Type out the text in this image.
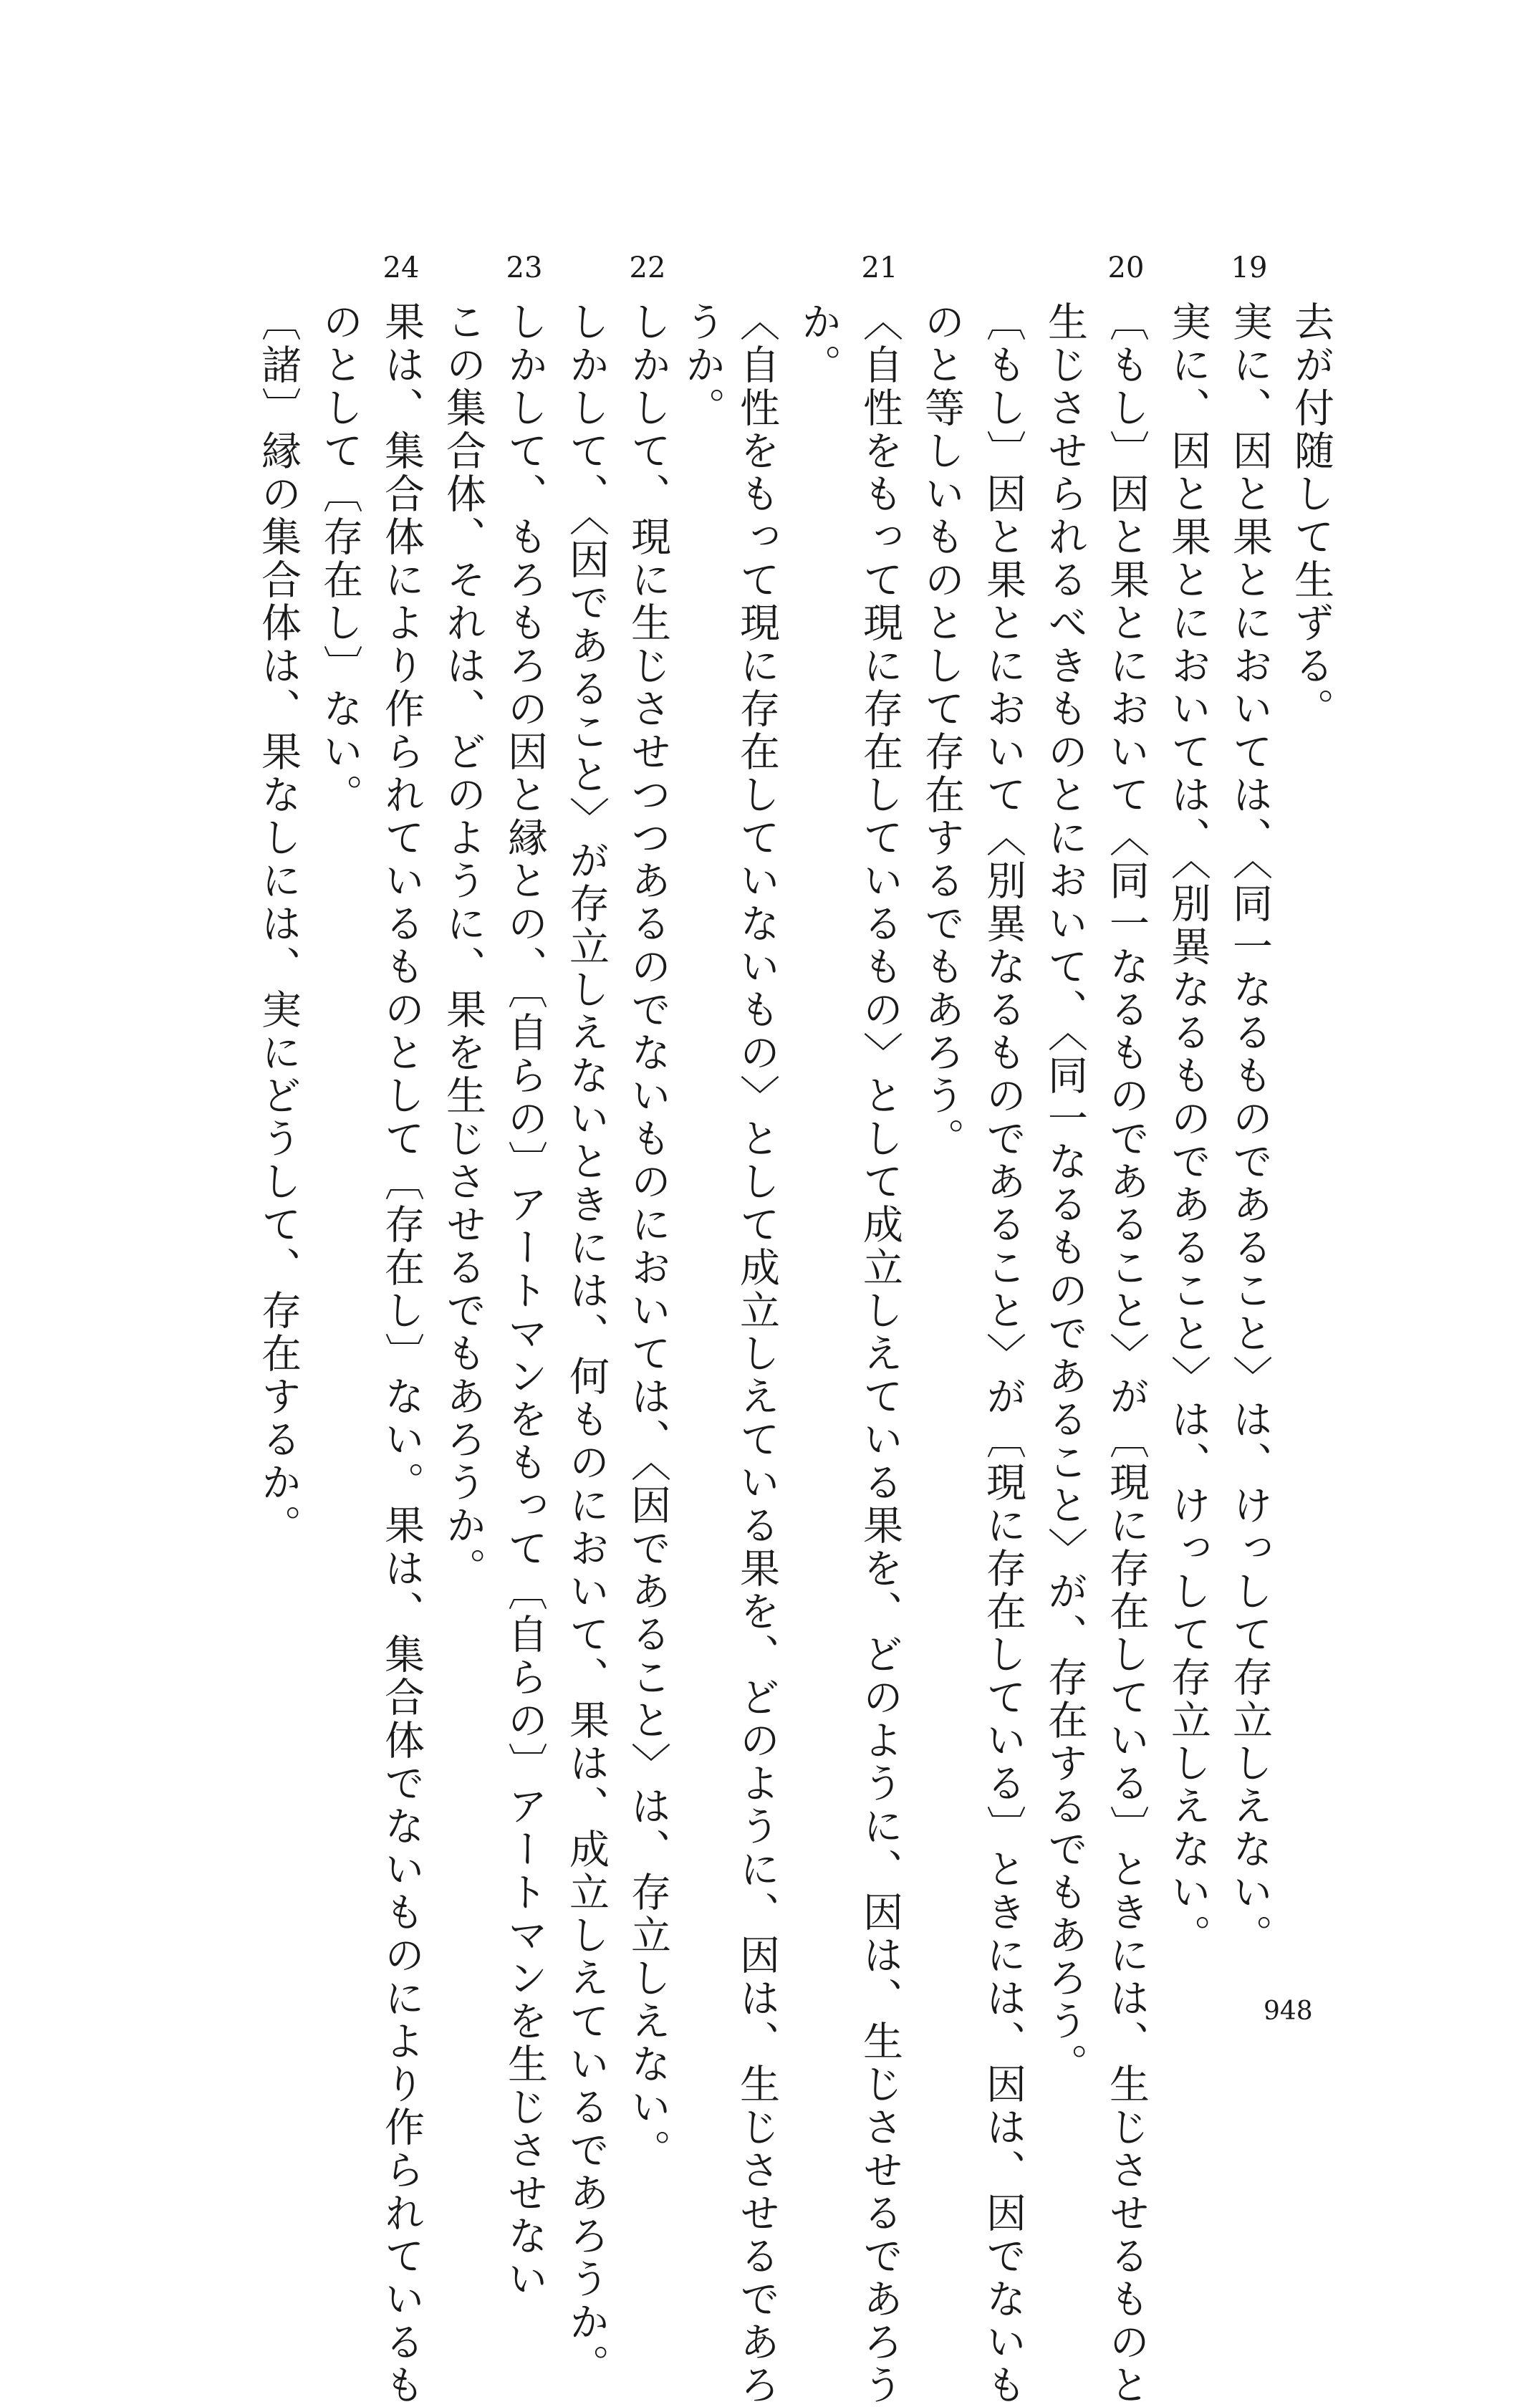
去が付随して生ずる。
19
実に、因と果とにおいては、〈同一なるものであること〉は、けっして存立しえない。
実に、因と果とにおいては、〈別異なるものであること〉は、けっして存立しえない。
20
〔もし〕因と果とにおいて〈同一なるものであること〉が〔現に存在している〕ときには、生じさせるものと
生じさせられるべきものとにおいて、〈同一なるものであること〉が、存在するでもあろう。
〔もし〕因と果とにおいて〈別異なるものであること〉が〔現に存在している〕ときには、因は、因でないも
のと等しいものとして存在するでもあろう。
21
〈自性をもって現に存在しているもの〉として成立しえている果を、どのように、因は、生じさせるであろう
か。
〈自性をもって現に存在していないもの〉として成立しえている果を、どのように、因は、生じさせるであろ
うか。
22
しかして、現に生じさせつつあるのでないものにおいては、〈因であること〉は、存立しえない。
しかして、〈因であること〉が存立しえないときには、何ものにおいて、果は、成立しえているであろうか。
23
しかして、もろもろの因と縁との、〔自らの〕アートマンをもって〔自らの〕アートマンを生じさせない
この集合体、それは、どのように、果を生じさせるでもあろうか。
24
果は、集合体により作られているものとして〔存在し〕ない。果は、集合体でないものにより作られているも
のとして〔存在し〕ない。
〔諸〕縁の集合体は、果なしには、実にどうして、存在するか。
948
